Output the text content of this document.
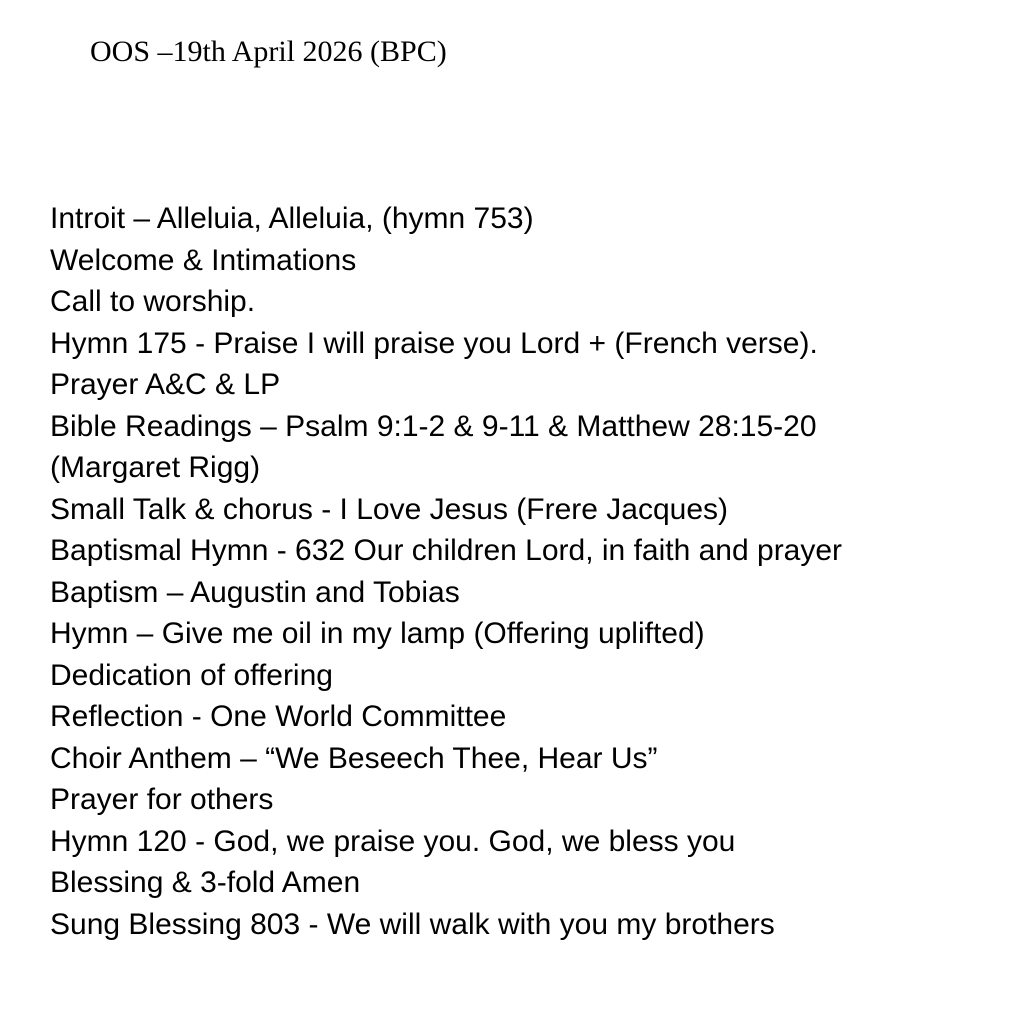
OOS –19th April 2026 (BPC)
Introit – Alleluia, Alleluia, (hymn 753)
Welcome & Intimations
Call to worship.
Hymn 175 - Praise I will praise you Lord + (French verse).
Prayer A&C & LP
Bible Readings – Psalm 9:1-2 & 9-11 & Matthew 28:15-20
(Margaret Rigg)
Small Talk & chorus - I Love Jesus (Frere Jacques)
Baptismal Hymn - 632 Our children Lord, in faith and prayer
Baptism – Augustin and Tobias
Hymn – Give me oil in my lamp (Offering uplifted)
Dedication of offering
Reflection - One World Committee
Choir Anthem – “We Beseech Thee, Hear Us”
Prayer for others
Hymn 120 - God, we praise you. God, we bless you
Blessing & 3-fold Amen
Sung Blessing 803 - We will walk with you my brothers
